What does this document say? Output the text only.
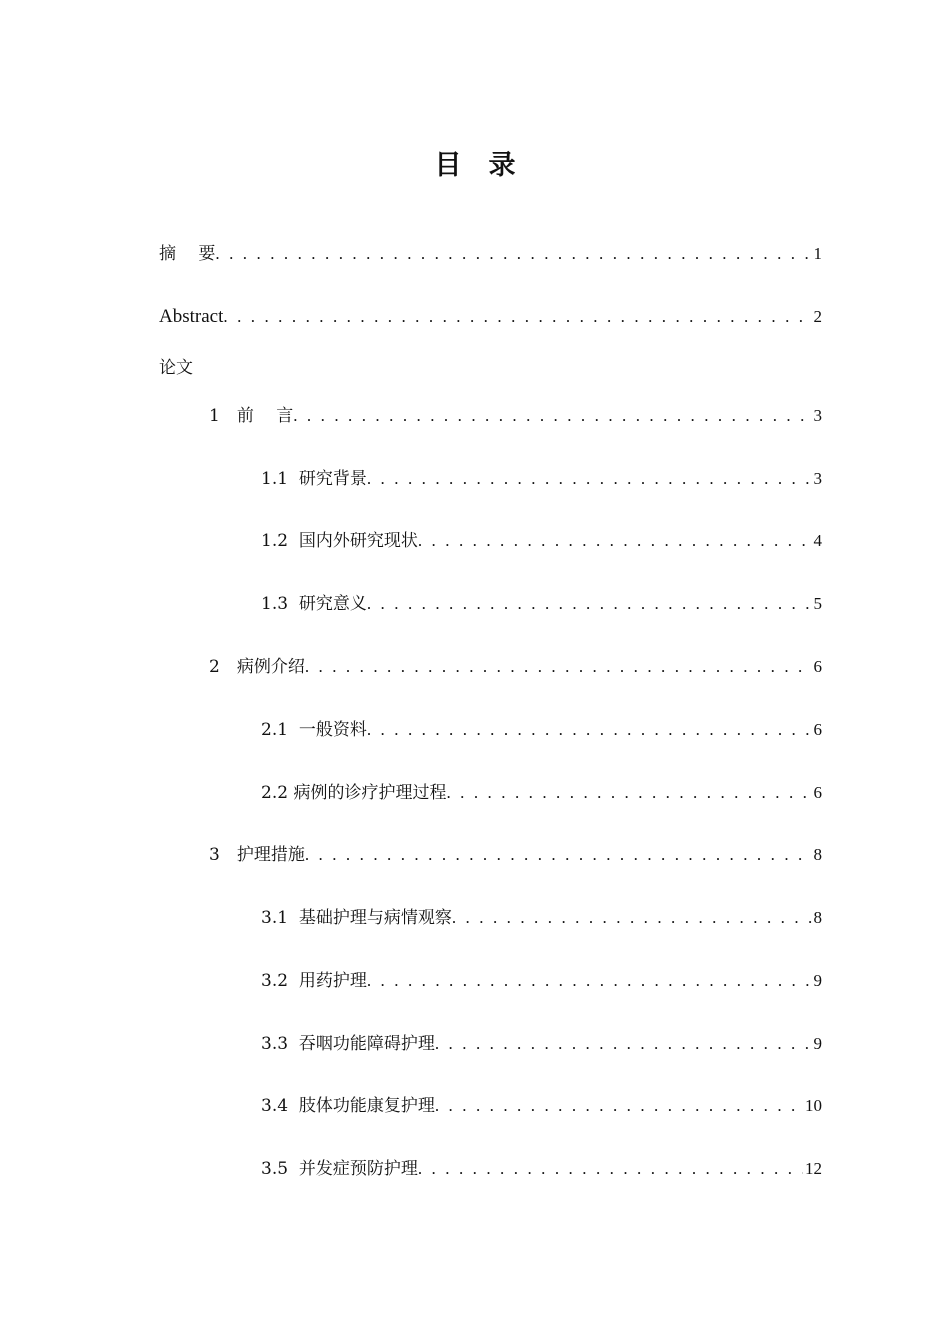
目　录
摘　 要 . . .	1
Abstract . . .	2
论文
1　前　 言 . . .	3
1.1  研究背景 . . .	3
1.2  国内外研究现状 . . .	4
1.3  研究意义 . . .	5
2　病例介绍 . . .	6
2.1  一般资料 . . .	6
2.2 病例的诊疗护理过程 . . .	6
3　护理措施 . . .	8
3.1  基础护理与病情观察 . . .	8
3.2  用药护理 . . .	9
3.3  吞咽功能障碍护理 . . .	9
3.4  肢体功能康复护理 . . .	10
3.5  并发症预防护理 . . .	12
